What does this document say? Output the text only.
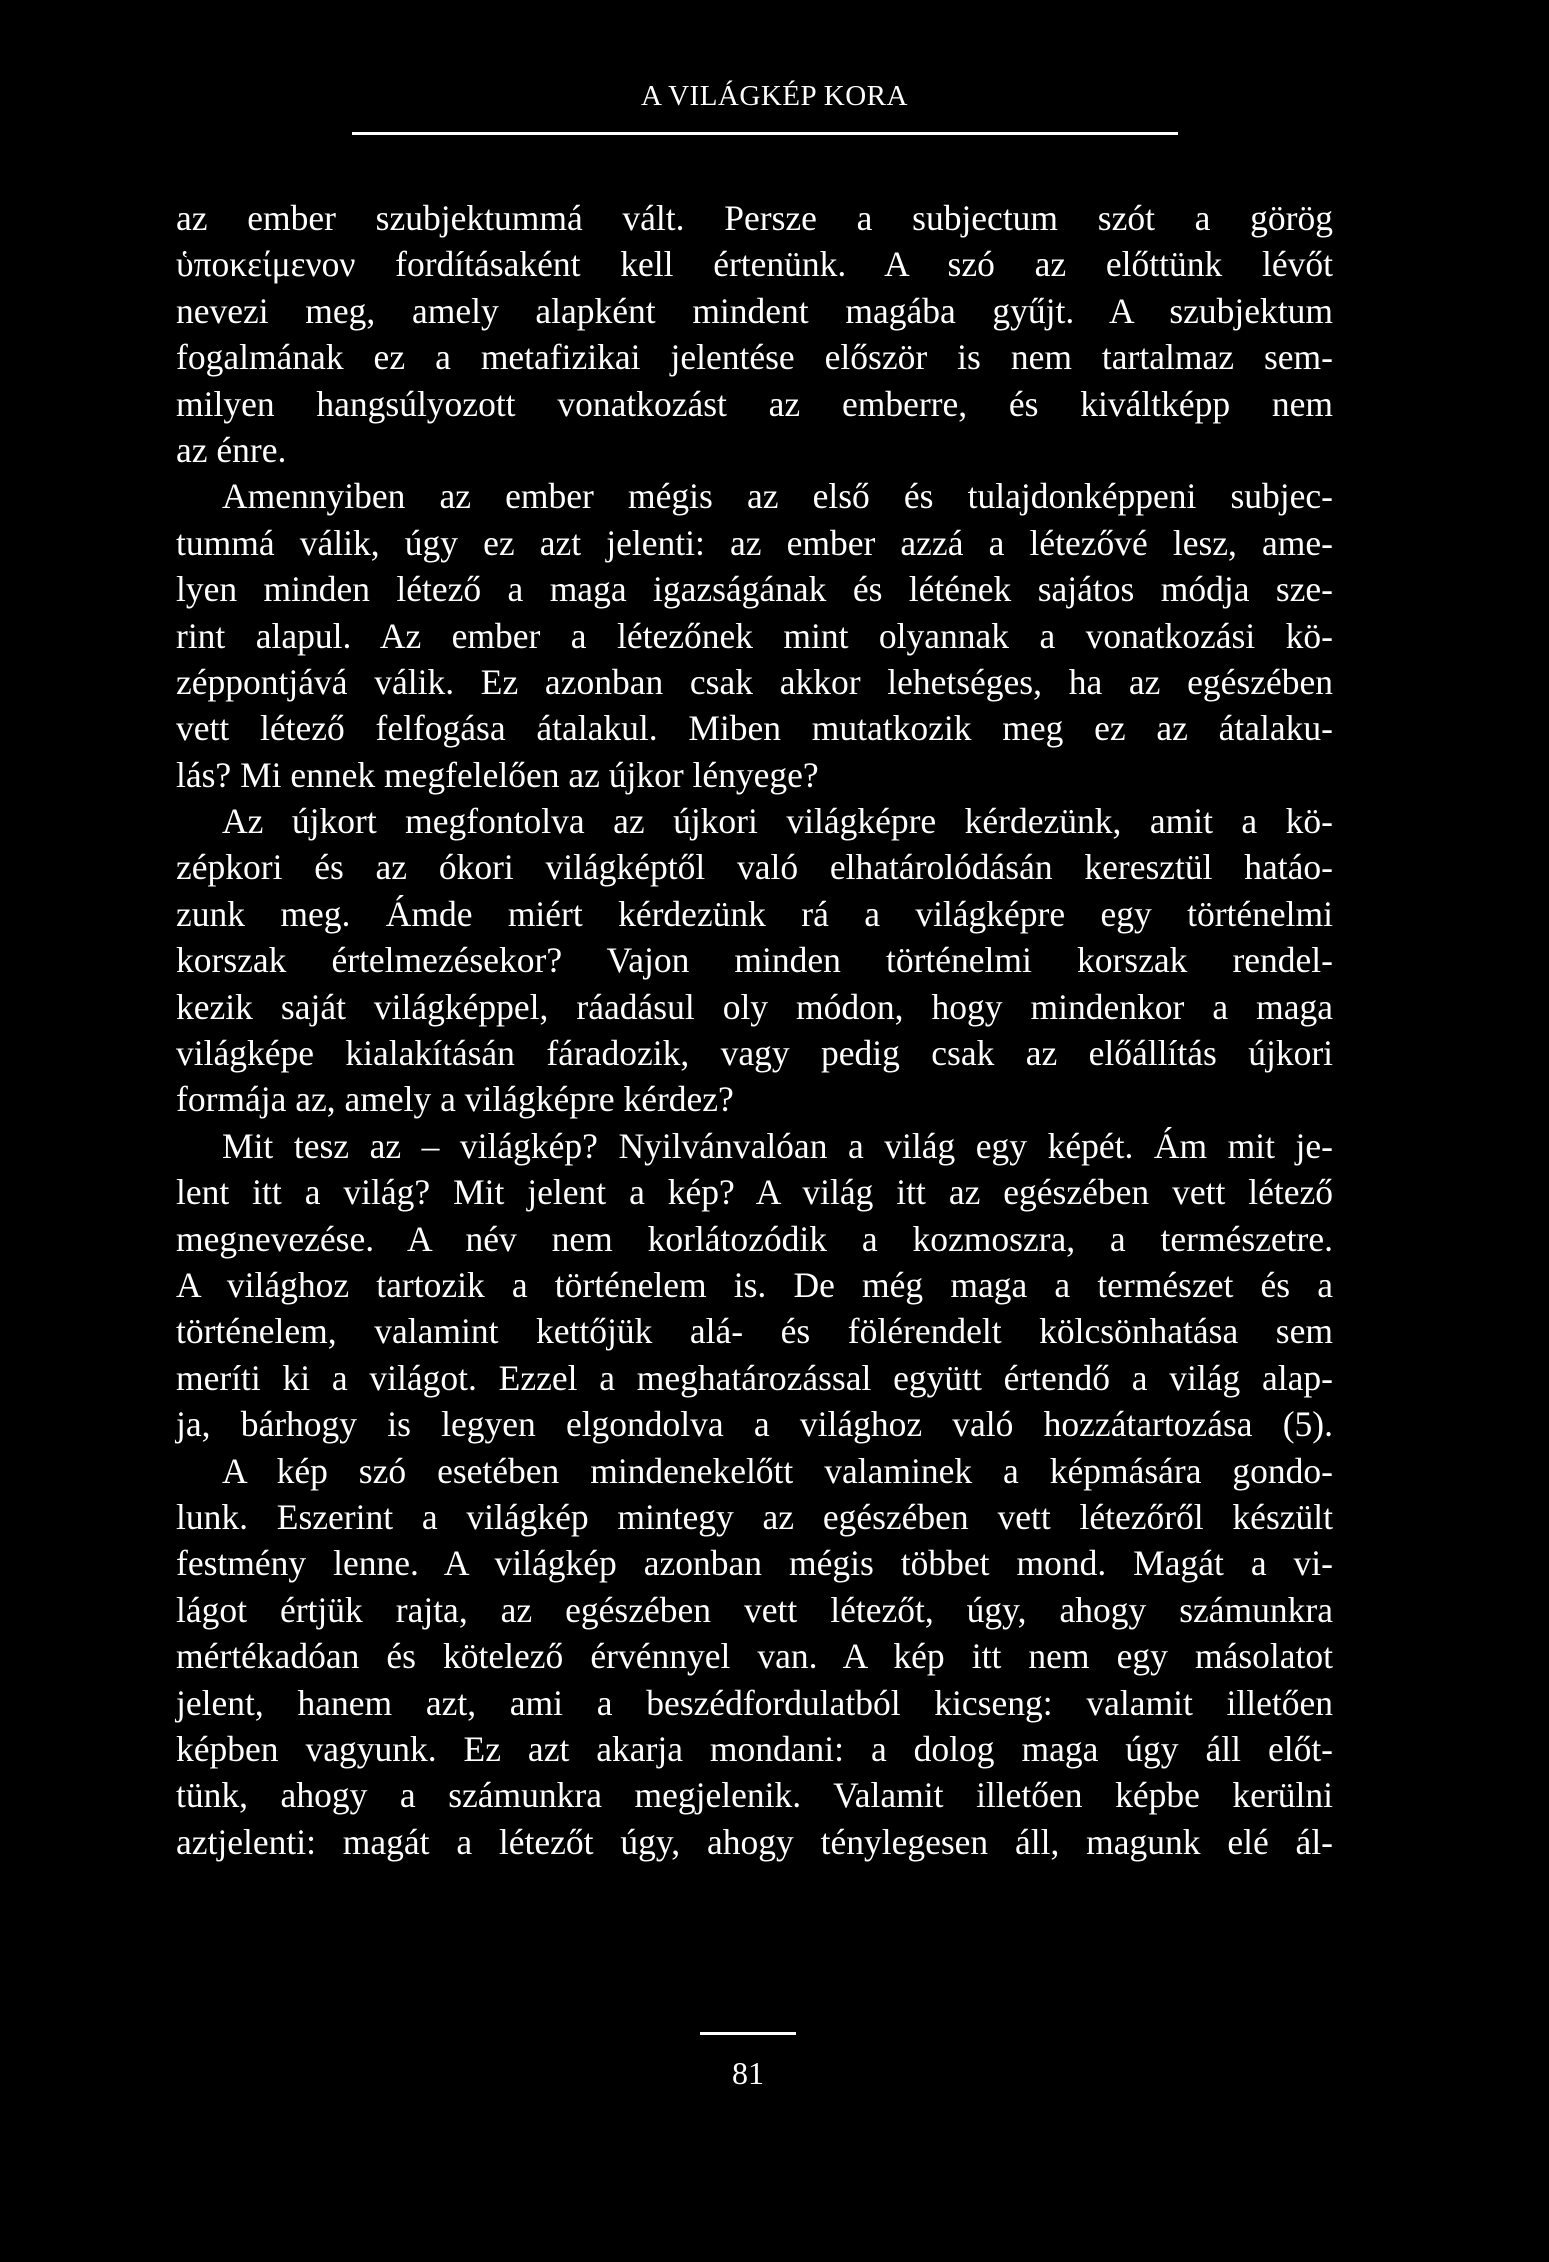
A VILÁGKÉP KORA
az ember szubjektummá vált. Persze a subjectum szót a görög
ὑποκείμενον fordításaként kell értenünk. A szó az előttünk lévőt
nevezi meg, amely alapként mindent magába gyűjt. A szubjektum
fogalmának ez a metafizikai jelentése először is nem tartalmaz sem-
milyen hangsúlyozott vonatkozást az emberre, és kiváltképp nem
az énre.
Amennyiben az ember mégis az első és tulajdonképpeni subjec-
tummá válik, úgy ez azt jelenti: az ember azzá a létezővé lesz, ame-
lyen minden létező a maga igazságának és létének sajátos módja sze-
rint alapul. Az ember a létezőnek mint olyannak a vonatkozási kö-
zéppontjává válik. Ez azonban csak akkor lehetséges, ha az egészében
vett létező felfogása átalakul. Miben mutatkozik meg ez az átalaku-
lás? Mi ennek megfelelően az újkor lényege?
Az újkort megfontolva az újkori világképre kérdezünk, amit a kö-
zépkori és az ókori világképtől való elhatárolódásán keresztül hatáo-
zunk meg. Ámde miért kérdezünk rá a világképre egy történelmi
korszak értelmezésekor? Vajon minden történelmi korszak rendel-
kezik saját világképpel, ráadásul oly módon, hogy mindenkor a maga
világképe kialakításán fáradozik, vagy pedig csak az előállítás újkori
formája az, amely a világképre kérdez?
Mit tesz az – világkép? Nyilvánvalóan a világ egy képét. Ám mit je-
lent itt a világ? Mit jelent a kép? A világ itt az egészében vett létező
megnevezése. A név nem korlátozódik a kozmoszra, a természetre.
A világhoz tartozik a történelem is. De még maga a természet és a
történelem, valamint kettőjük alá- és fölérendelt kölcsönhatása sem
meríti ki a világot. Ezzel a meghatározással együtt értendő a világ alap-
ja, bárhogy is legyen elgondolva a világhoz való hozzátartozása (5).
A kép szó esetében mindenekelőtt valaminek a képmására gondo-
lunk. Eszerint a világkép mintegy az egészében vett létezőről készült
festmény lenne. A világkép azonban mégis többet mond. Magát a vi-
lágot értjük rajta, az egészében vett létezőt, úgy, ahogy számunkra
mértékadóan és kötelező érvénnyel van. A kép itt nem egy másolatot
jelent, hanem azt, ami a beszédfordulatból kicseng: valamit illetően
képben vagyunk. Ez azt akarja mondani: a dolog maga úgy áll előt-
tünk, ahogy a számunkra megjelenik. Valamit illetően képbe kerülni
aztjelenti: magát a létezőt úgy, ahogy ténylegesen áll, magunk elé ál-
81
